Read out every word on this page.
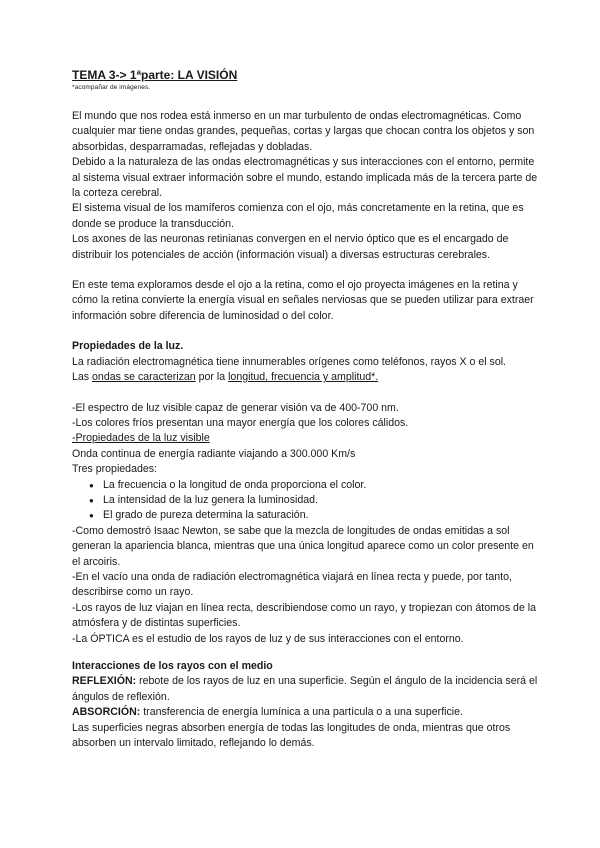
TEMA 3-> 1ªparte: LA VISIÓN

*acompañar de imágenes.

El mundo que nos rodea está inmerso en un mar turbulento de ondas electromagnéticas. Como cualquier mar tiene ondas grandes, pequeñas, cortas y largas que chocan contra los objetos y son absorbidas, desparramadas, reflejadas y dobladas.

Debido a la naturaleza de las ondas electromagnéticas y sus interacciones con el entorno, permite al sistema visual extraer información sobre el mundo, estando implicada más de la tercera parte de la corteza cerebral.

El sistema visual de los mamíferos comienza con el ojo, más concretamente en la retina, que es donde se produce la transducción.

Los axones de las neuronas retinianas convergen en el nervio óptico que es el encargado de distribuir los potenciales de acción (información visual) a diversas estructuras cerebrales.

En este tema exploramos desde el ojo a la retina, como el ojo proyecta imágenes en la retina y cómo la retina convierte la energía visual en señales nerviosas que se pueden utilizar para extraer información sobre diferencia de luminosidad o del color.

Propiedades de la luz.

La radiación electromagnética tiene innumerables orígenes como teléfonos, rayos X o el sol.

Las ondas se caracterizan por la longitud, frecuencia y amplitud*.

-El espectro de luz visible capaz de generar visión va de 400-700 nm.

-Los colores fríos presentan una mayor energía que los colores cálidos.

-Propiedades de la luz visible

Onda continua de energía radiante viajando a 300.000 Km/s

Tres propiedades:

● La frecuencia o la longitud de onda proporciona el color.
● La intensidad de la luz genera la luminosidad.
● El grado de pureza determina la saturación.

-Como demostró Isaac Newton, se sabe que la mezcla de longitudes de ondas emitidas a sol generan la apariencia blanca, mientras que una única longitud aparece como un color presente en el arcoiris.

-En el vacío una onda de radiación electromagnética viajará en línea recta y puede, por tanto, describirse como un rayo.

-Los rayos de luz viajan en línea recta, describiendose como un rayo, y tropiezan con átomos de la atmósfera y de distintas superficies.

-La ÓPTICA es el estudio de los rayos de luz y de sus interacciones con el entorno.

Interacciones de los rayos con el medio

REFLEXIÓN: rebote de los rayos de luz en una superficie. Según el ángulo de la incidencia será el ángulos de reflexión.

ABSORCIÓN: transferencia de energía lumínica a una partícula o a una superficie.

Las superficies negras absorben energía de todas las longitudes de onda, mientras que otros absorben un intervalo limitado, reflejando lo demás.
